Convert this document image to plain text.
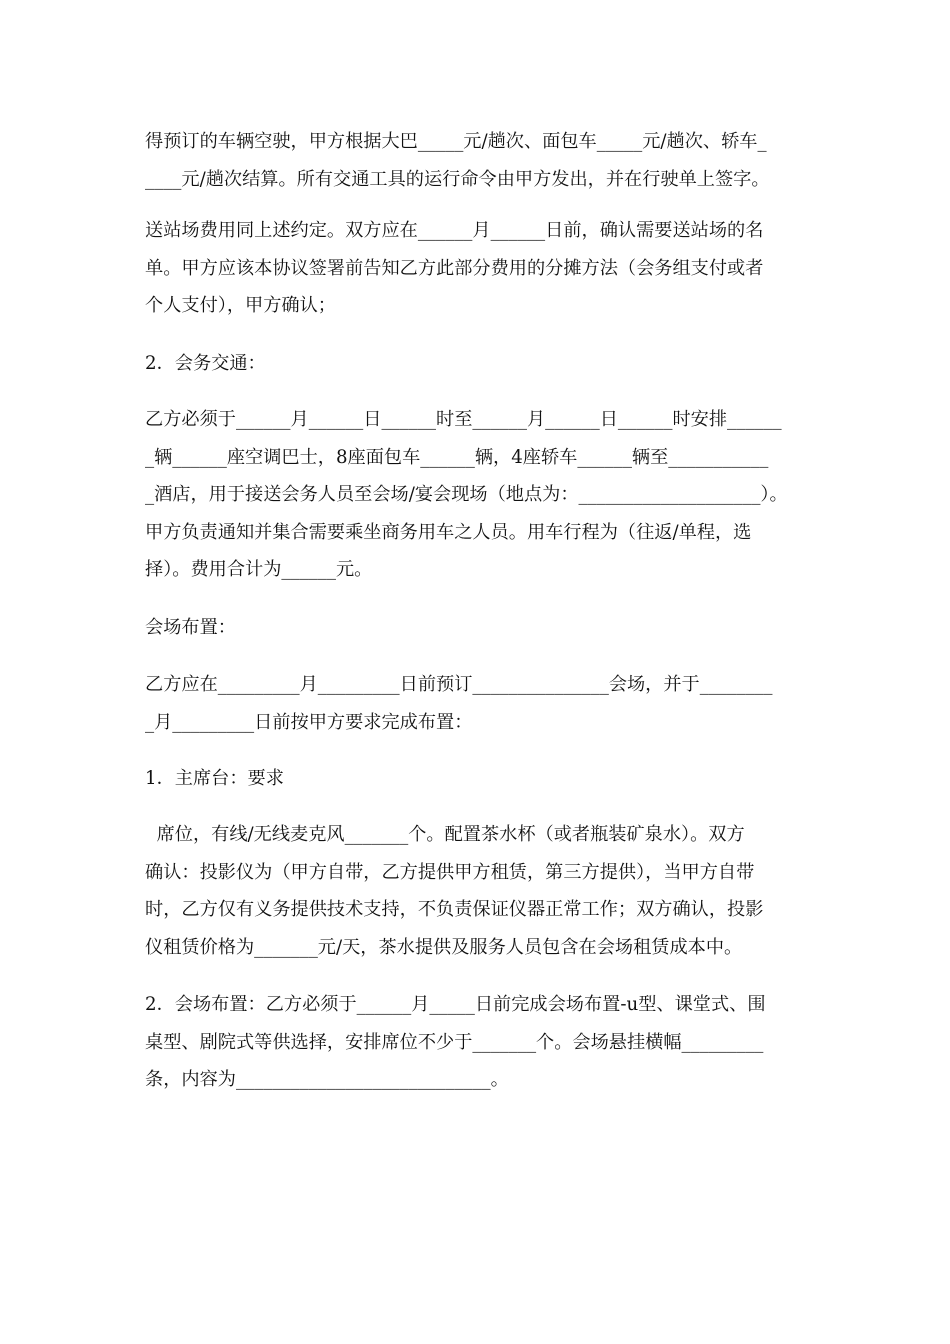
得预订的车辆空驶，甲方根据大巴_____元/趟次、面包车_____元/趟次、轿车_
____元/趟次结算。所有交通工具的运行命令由甲方发出，并在行驶单上签字。

送站场费用同上述约定。双方应在______月______日前，确认需要送站场的名
单。甲方应该本协议签署前告知乙方此部分费用的分摊方法（会务组支付或者
个人支付），甲方确认；

2．会务交通：

乙方必须于______月______日______时至______月______日______时安排______
_辆______座空调巴士，8座面包车______辆，4座轿车______辆至___________
_酒店，用于接送会务人员至会场/宴会现场（地点为：____________________）。
甲方负责通知并集合需要乘坐商务用车之人员。用车行程为（往返/单程，选
择）。费用合计为______元。

会场布置：

乙方应在_________月_________日前预订_______________会场，并于________
_月_________日前按甲方要求完成布置：

1．主席台：要求

席位，有线/无线麦克风_______个。配置茶水杯（或者瓶装矿泉水）。双方
确认：投影仪为（甲方自带，乙方提供甲方租赁，第三方提供），当甲方自带
时，乙方仅有义务提供技术支持，不负责保证仪器正常工作；双方确认，投影
仪租赁价格为_______元/天，茶水提供及服务人员包含在会场租赁成本中。

2．会场布置：乙方必须于______月_____日前完成会场布置-u型、课堂式、围
桌型、剧院式等供选择，安排席位不少于_______个。会场悬挂横幅_________
条，内容为____________________________。
